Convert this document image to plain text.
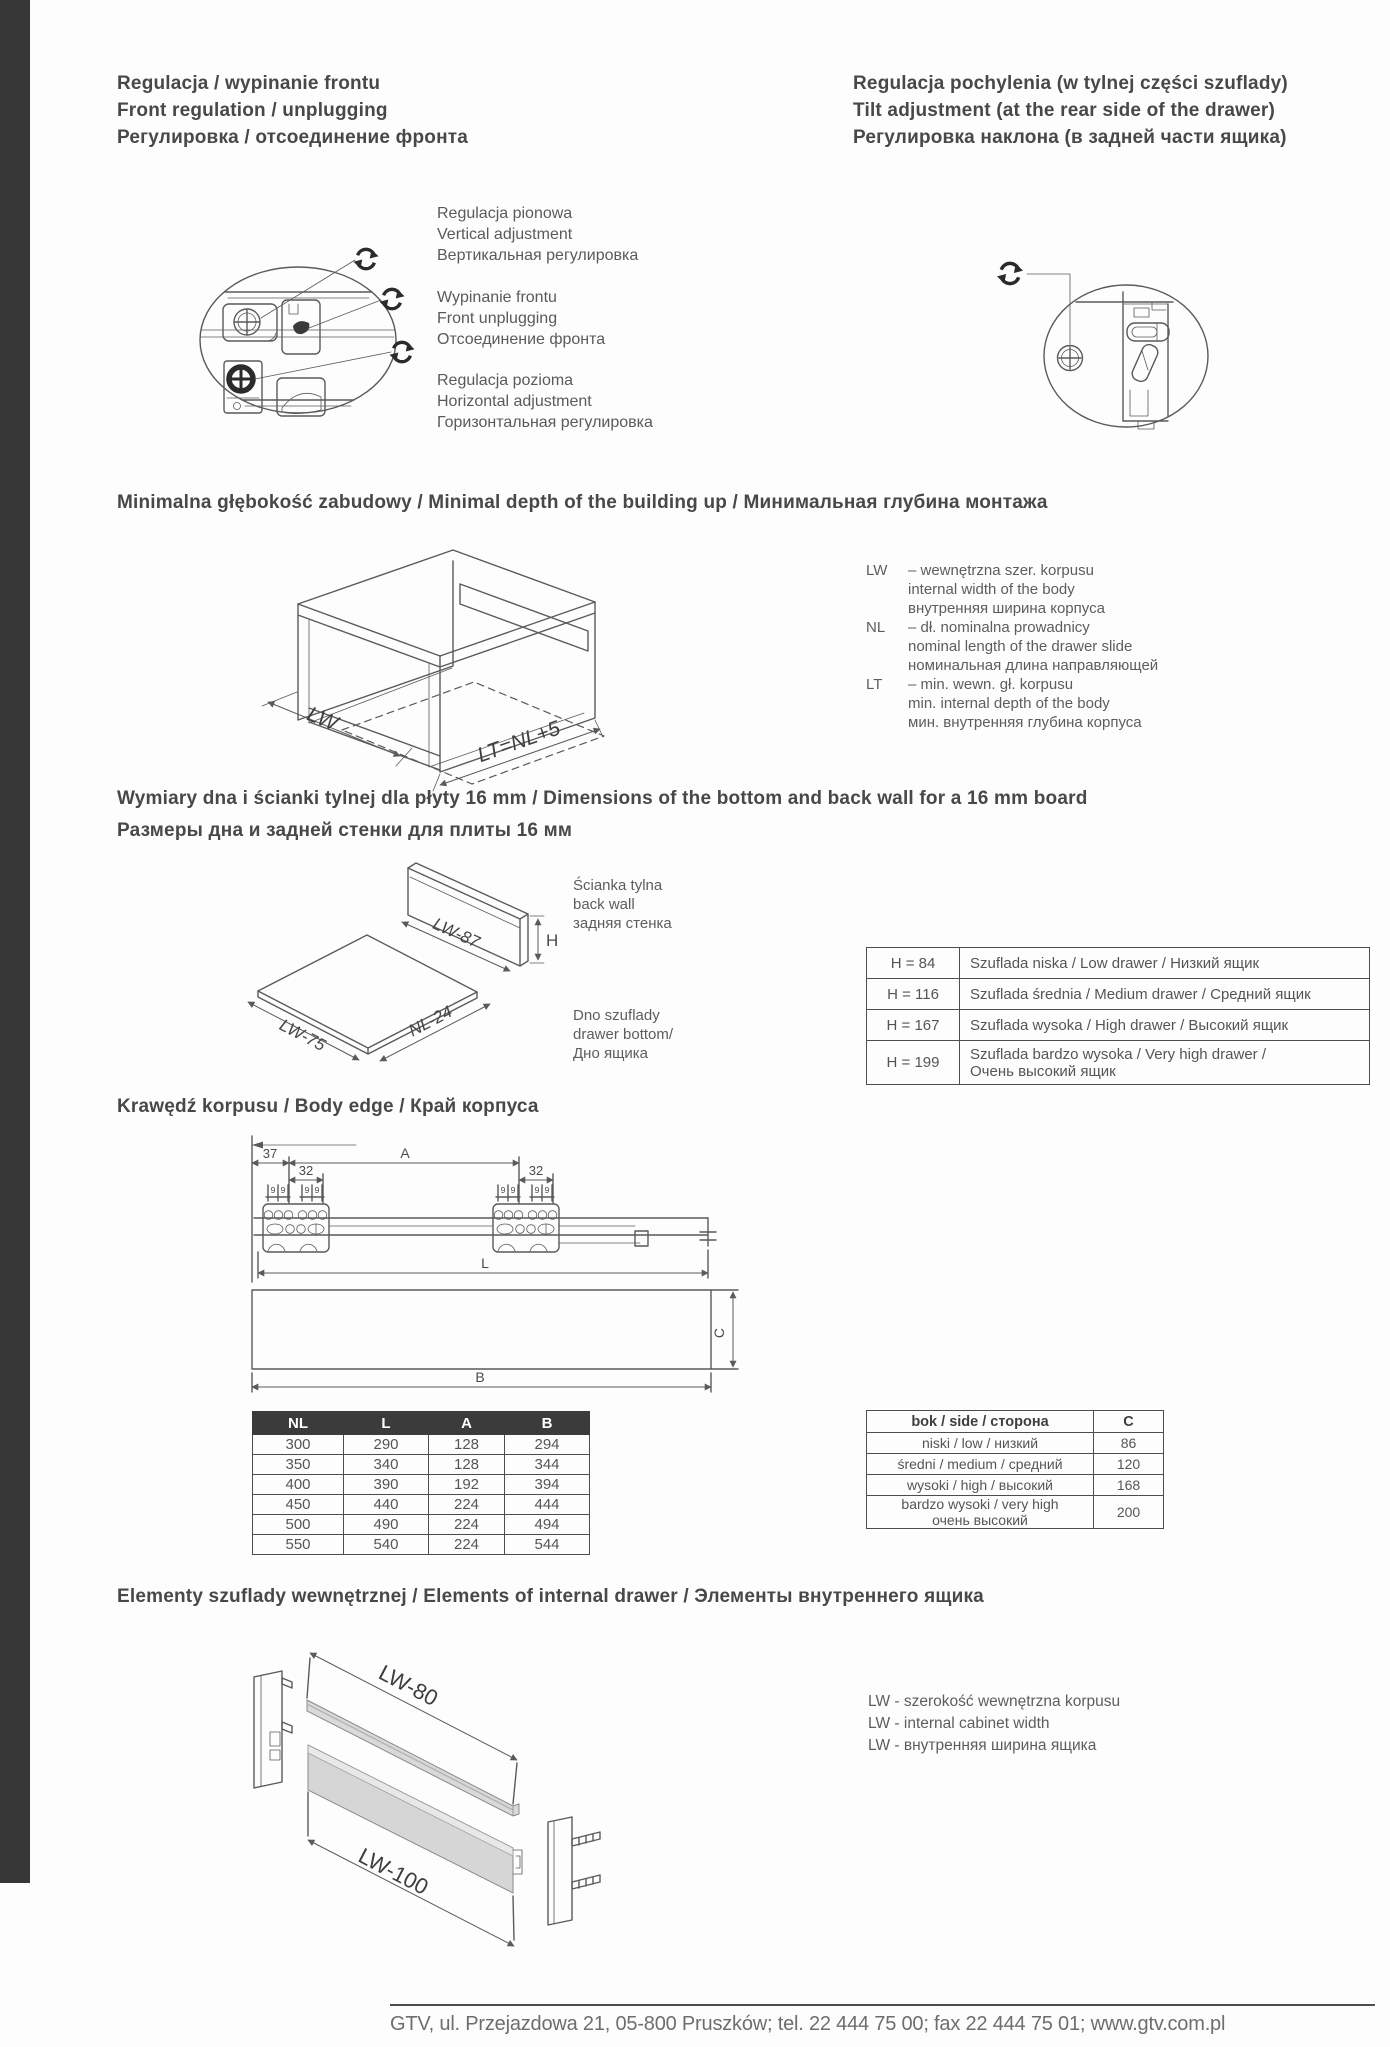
Regulacja / wypinanie frontu
Front regulation / unplugging
Регулировка / отсоединение фронта
Regulacja pochylenia (w tylnej części szuflady)
Tilt adjustment (at the rear side of the drawer)
Регулировка наклона (в задней части ящика)
Regulacja pionowa
Vertical adjustment
Вертикальная регулировка
Wypinanie frontu
Front unplugging
Отсоединение фронта
Regulacja pozioma
Horizontal adjustment
Горизонтальная регулировка
Minimalna głębokość zabudowy / Minimal depth of the building up / Минимальная глубина монтажа
LW	LT=NL+5
LW	– wewnętrzna szer. korpusu
internal width of the body
внутренняя ширина корпуса
NL	– dł. nominalna prowadnicy
nominal length of the drawer slide
номинальная длина направляющей
LT	– min. wewn. gł. korpusu
min. internal depth of the body
мин. внутренняя глубина корпуса
Wymiary dna i ścianki tylnej dla płyty 16 mm / Dimensions of the bottom and back wall for a 16 mm board
Размеры дна и задней стенки для плиты 16 мм
LW-87	H
LW-75	NL-24
Ścianka tylna
back wall
задняя стенка
Dno szuflady
drawer bottom/
Дно ящика
H = 84	Szuflada niska / Low drawer / Низкий ящик
H = 116	Szuflada średnia / Medium drawer / Средний ящик
H = 167	Szuflada wysoka / High drawer / Высокий ящик
H = 199	Szuflada bardzo wysoka / Very high drawer /
Очень высокий ящик
Krawędź korpusu / Body edge / Край корпуса
37	A
32	32
9 9 9 9	9 9 9 9
L
C
B
NL	L	A	B
300	290	128	294
350	340	128	344
400	390	192	394
450	440	224	444
500	490	224	494
550	540	224	544
bok / side / сторона	C
niski / low / низкий	86
średni / medium / средний	120
wysoki / high / высокий	168

bardzo wysoki / very high
очень высокий	200
Elementy szuflady wewnętrznej / Elements of internal drawer / Элементы внутреннего ящика
LW-80
LW-100
LW - szerokość wewnętrzna korpusu
LW - internal cabinet width
LW - внутренняя ширина ящика
GTV, ul. Przejazdowa 21, 05-800 Pruszków; tel. 22 444 75 00; fax 22 444 75 01; www.gtv.com.pl
